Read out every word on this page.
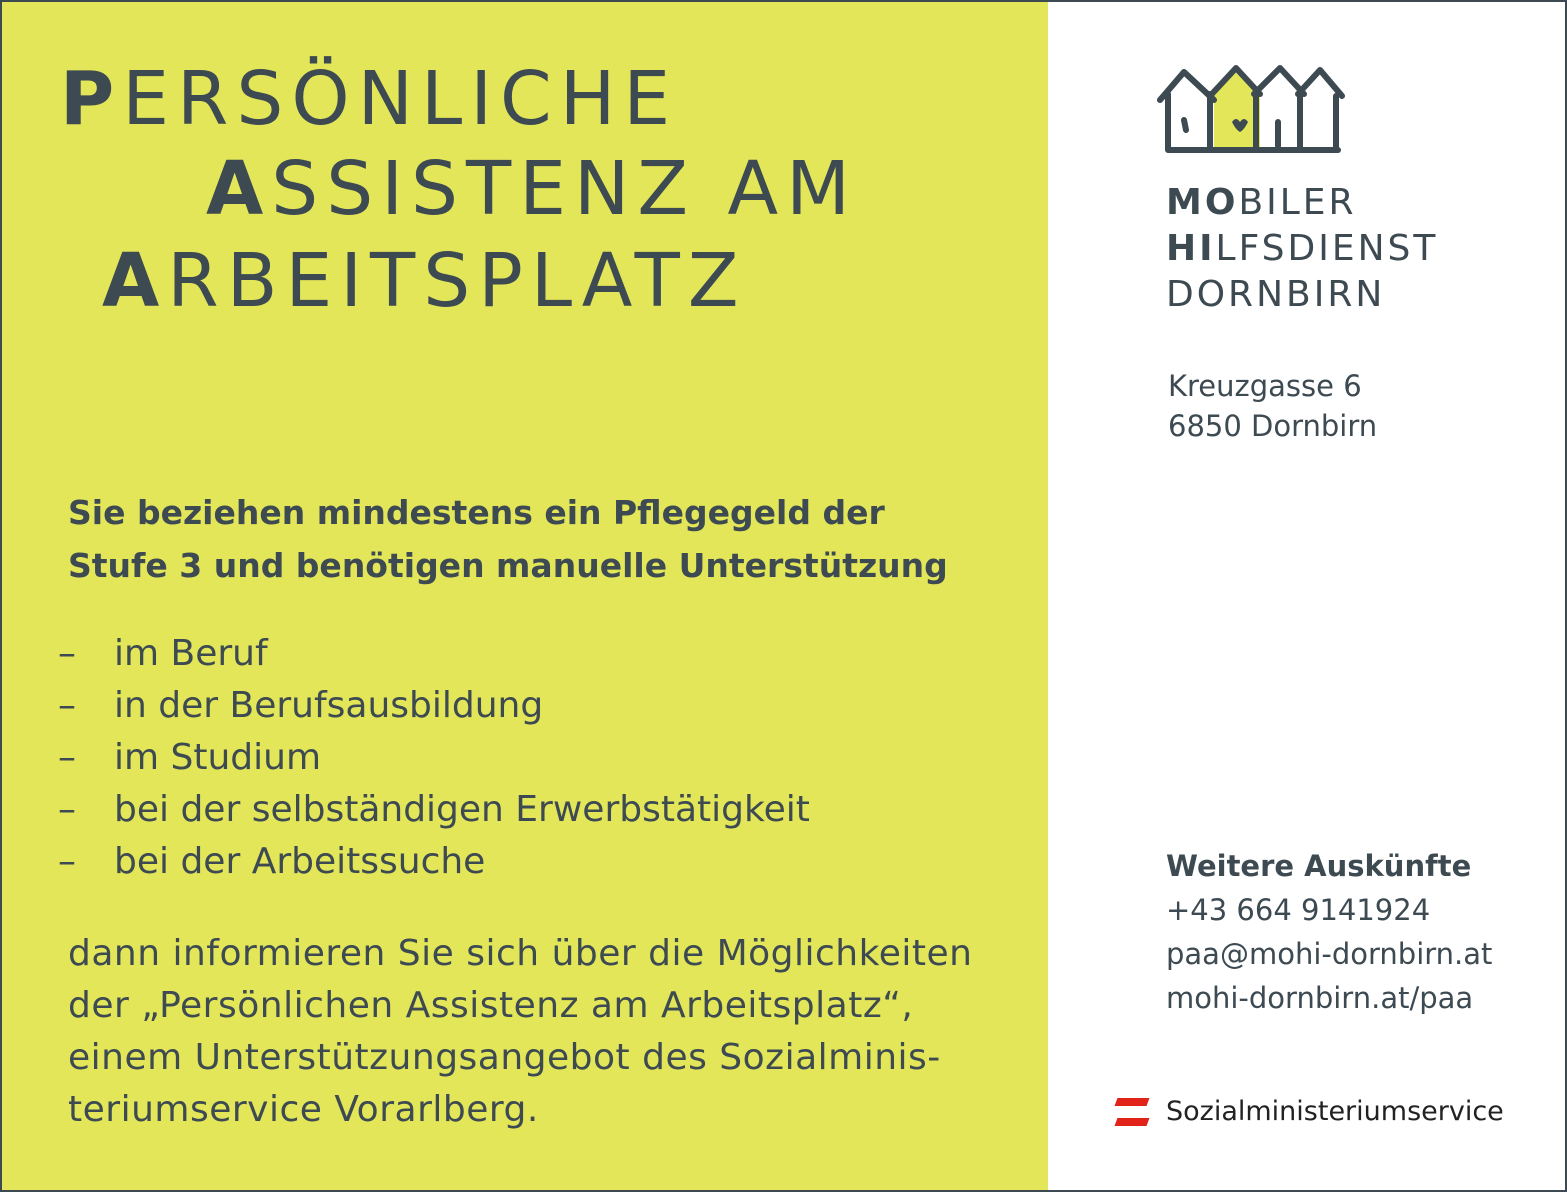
PERSÖNLICHE
ASSISTENZ AM
ARBEITSPLATZ
Sie beziehen mindestens ein Pflegegeld der
Stufe 3 und benötigen manuelle Unterstützung
–	im Beruf
–	in der Berufsausbildung
–	im Studium
–	bei der selbständigen Erwerbstätigkeit
–	bei der Arbeitssuche
dann informieren Sie sich über die Möglichkeiten
der „Persönlichen Assistenz am Arbeitsplatz“,
einem Unterstützungsangebot des Sozialminis-
teriumservice Vorarlberg.
MOBILER
HILFSDIENST
DORNBIRN
Kreuzgasse 6
6850 Dornbirn
Weitere Auskünfte
+43 664 9141924
paa@mohi-dornbirn.at
mohi-dornbirn.at/paa
Sozialministeriumservice
